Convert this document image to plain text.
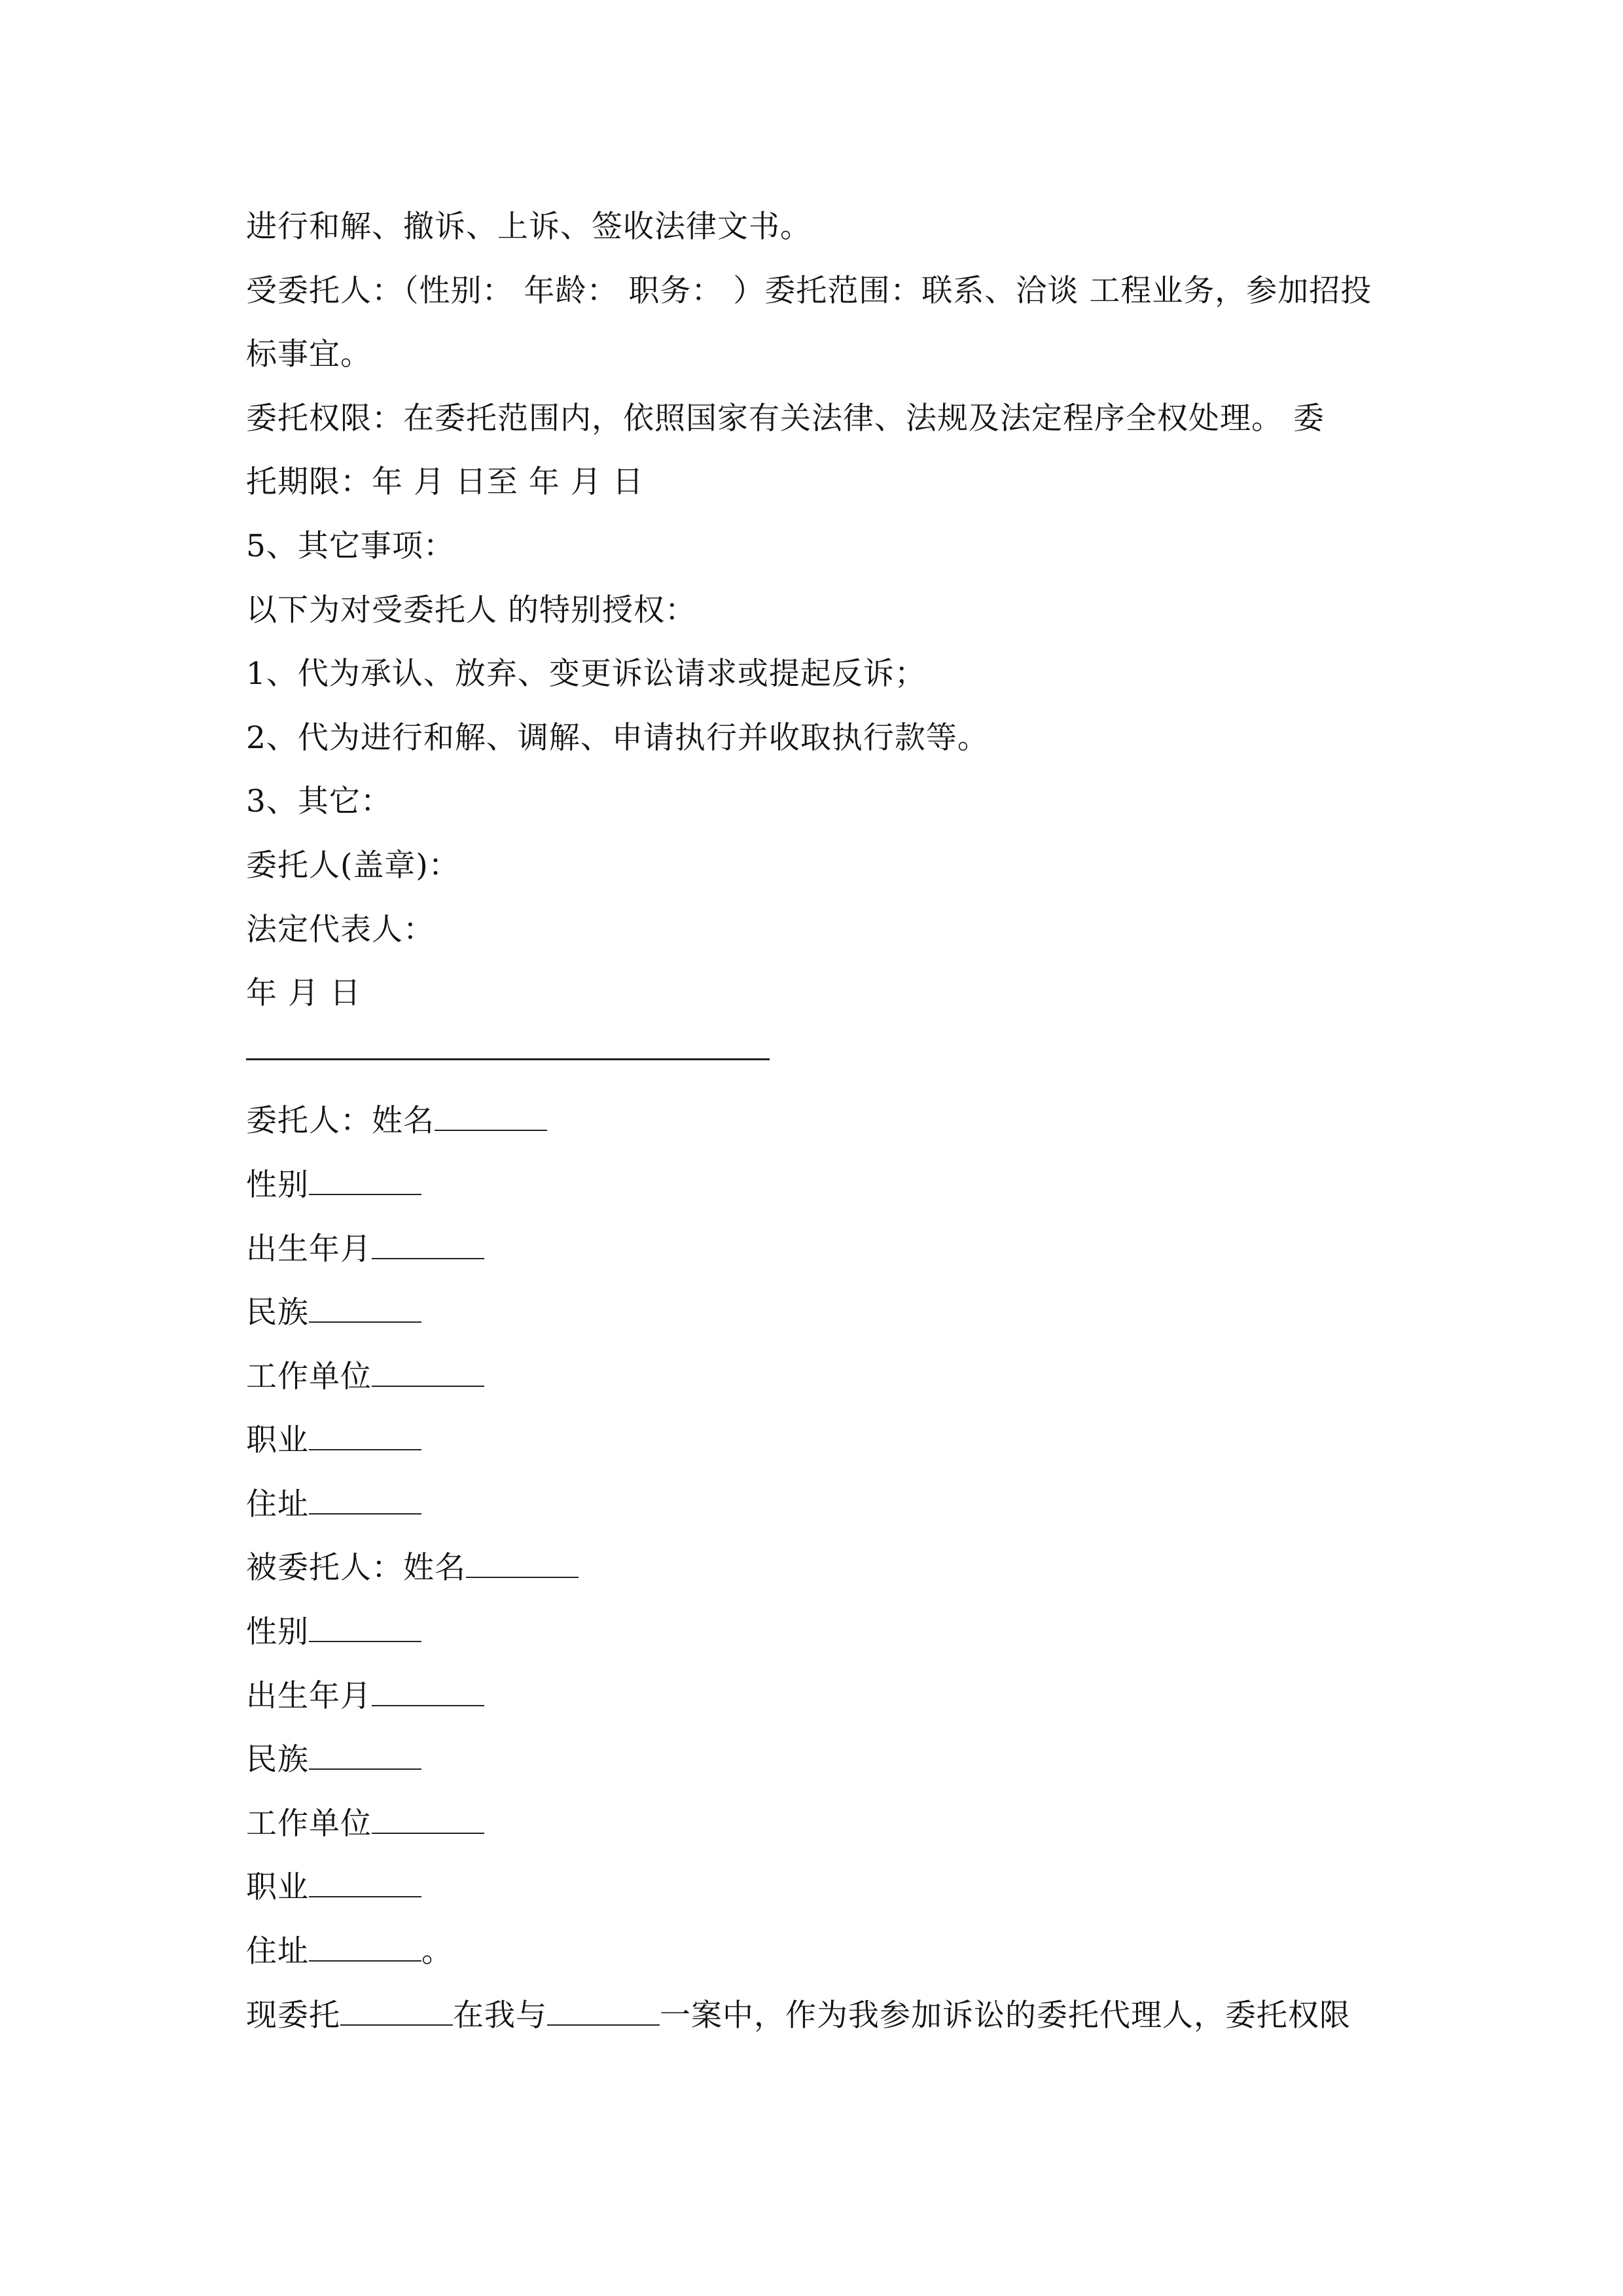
进行和解、撤诉、上诉、签收法律文书。
受委托人：（性别： 年龄： 职务： ）委托范围：联系、洽谈 工程业务，参加招投
标事宜。
委托权限：在委托范围内，依照国家有关法律、法规及法定程序全权处理。 委
托期限：年 月 日至 年 月 日
5、其它事项：
以下为对受委托人 的特别授权：
1、代为承认、放弃、变更诉讼请求或提起反诉；
2、代为进行和解、调解、申请执行并收取执行款等。
3、其它：
委托人(盖章)：
法定代表人：
年 月 日
委托人：姓名
性别
出生年月
民族
工作单位
职业
住址
被委托人：姓名
性别
出生年月
民族
工作单位
职业
住址	。
现委托	在我与	一案中，作为我参加诉讼的委托代理人，委托权限
